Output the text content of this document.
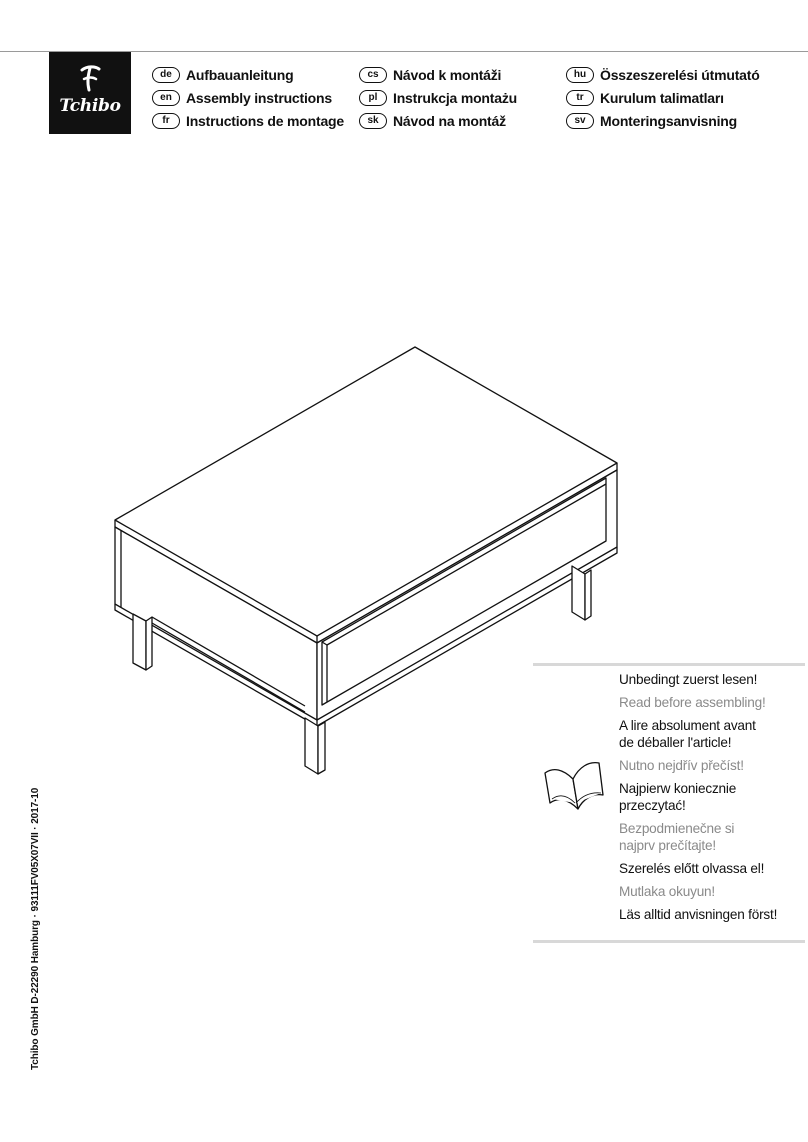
Tchibo
de	Aufbauanleitung
en	Assembly instructions
fr	Instructions de montage
cs	Návod k montáži
pl	Instrukcja montażu
sk	Návod na montáž
hu Összeszerelési útmutató
tr	Kurulum talimatları
sv	Monteringsanvisning
Unbedingt zuerst lesen!
Read before assembling!
A lire absolument avant
de déballer l'article!
Nutno nejdřív přečíst!
Najpierw koniecznie
przeczytać!
Bezpodmienečne si
najprv prečítajte!
Szerelés előtt olvassa el!
Mutlaka okuyun!
Läs alltid anvisningen först!
Tchibo GmbH D-22290 Hamburg · 93111FV05X07VII · 2017-10
